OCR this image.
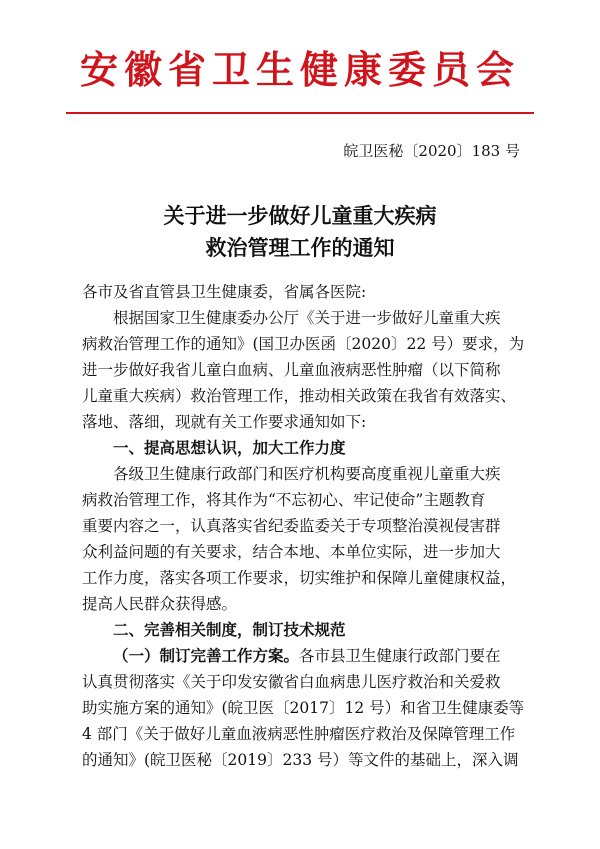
安徽省卫生健康委员会
皖卫医秘〔2020〕183 号
关于进一步做好儿童重大疾病
救治管理工作的通知

各市及省直管县卫生健康委，省属各医院:

根据国家卫生健康委办公厅《关于进一步做好儿童重大疾
病救治管理工作的通知》(国卫办医函〔2020〕22 号）要求，为
进一步做好我省儿童白血病、儿童血液病恶性肿瘤（以下简称
儿童重大疾病）救治管理工作，推动相关政策在我省有效落实、
落地、落细，现就有关工作要求通知如下:

一、提高思想认识，加大工作力度

各级卫生健康行政部门和医疗机构要高度重视儿童重大疾
病救治管理工作，将其作为“不忘初心、牢记使命”主题教育
重要内容之一，认真落实省纪委监委关于专项整治漠视侵害群
众利益问题的有关要求，结合本地、本单位实际，进一步加大
工作力度，落实各项工作要求，切实维护和保障儿童健康权益，
提高人民群众获得感。

二、完善相关制度，制订技术规范

（一）制订完善工作方案。各市县卫生健康行政部门要在
认真贯彻落实《关于印发安徽省白血病患儿医疗救治和关爱救
助实施方案的通知》(皖卫医〔2017〕12 号）和省卫生健康委等
4 部门《关于做好儿童血液病恶性肿瘤医疗救治及保障管理工作
的通知》(皖卫医秘〔2019〕233 号）等文件的基础上，深入调
